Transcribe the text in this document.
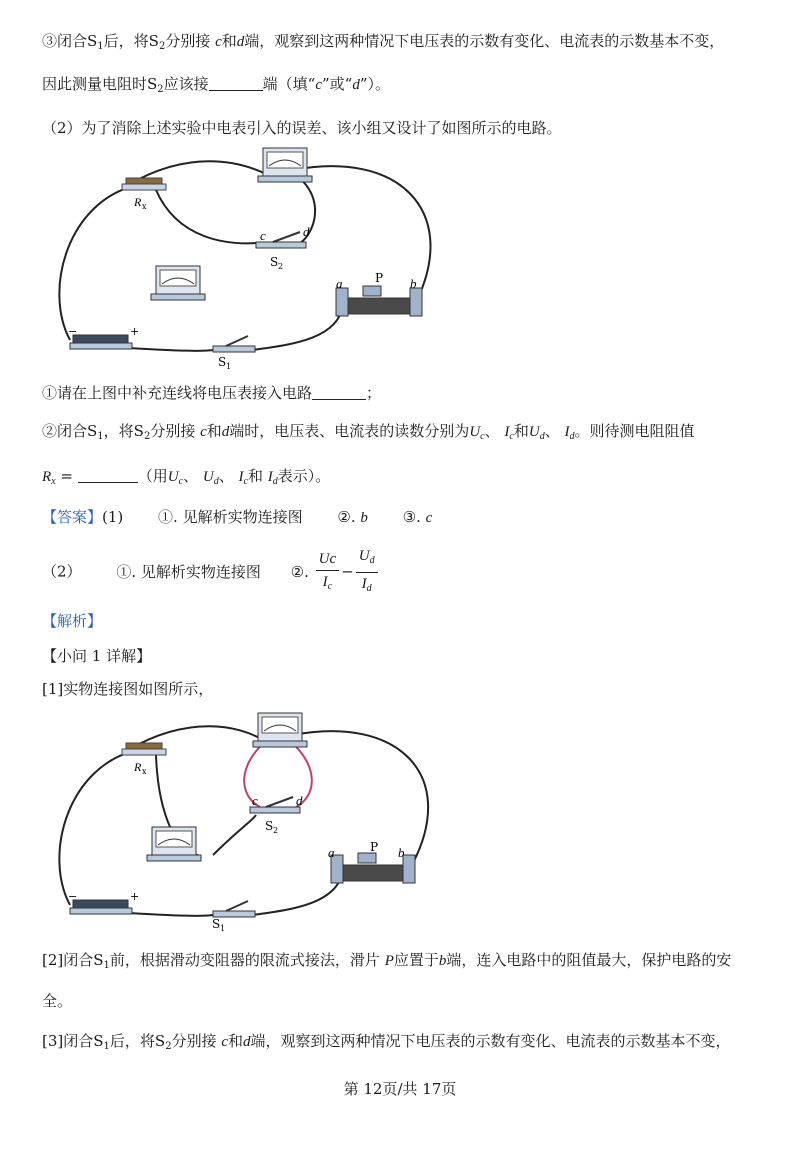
③闭合$S_1$后，将$S_2$分别接 c和d端，观察到这两种情况下电压表的示数有变化、电流表的示数基本不变，
因此测量电阻时$S_2$应该接	端（填“c”或“d”）。
（2）为了消除上述实验中电表引入的误差、该小组又设计了如图所示的电路。
R x
c	d
S 2
a	b
P
−	+
S 1
①请在上图中补充连线将电压表接入电路	；
②闭合$S_1$，将$S_2$分别接 c和d端时，电压表、电流表的读数分别为$U_c$、 $I_c$和$U_d$、 $I_d$。则待测电阻阻值
$R_x$ =	（用$U_c$、 $U_d$、 $I_c$和 $I_d$表示）。
【答案】(1) ①. 见解析实物连接图 ②. b ③. c
（2） ①. 见解析实物连接图 ②. $\frac{Uc}{I_c} - \frac{U_d}{I_d}$
【解析】
【小问 1 详解】
[1]实物连接图如图所示，
R x
c	d
S 2
a	b
P
−	+
S 1
[2]闭合$S_1$前，根据滑动变阻器的限流式接法，滑片 P应置于b端，连入电路中的阻值最大，保护电路的安
全。
[3]闭合$S_1$后，将$S_2$分别接 c和d端，观察到这两种情况下电压表的示数有变化、电流表的示数基本不变，
第 12页/共 17页
